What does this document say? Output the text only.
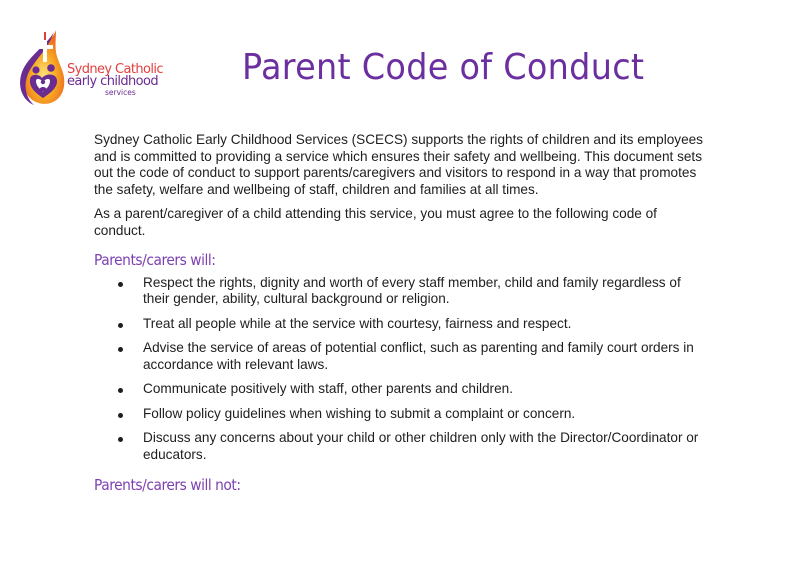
Sydney Catholic
early childhood
services
Parent Code of Conduct

Sydney Catholic Early Childhood Services (SCECS) supports the rights of children and its employees and is committed to providing a service which ensures their safety and wellbeing. This document sets out the code of conduct to support parents/caregivers and visitors to respond in a way that promotes the safety, welfare and wellbeing of staff, children and families at all times.

As a parent/caregiver of a child attending this service, you must agree to the following code of conduct.

Parents/carers will:
Respect the rights, dignity and worth of every staff member, child and family regardless of their gender, ability, cultural background or religion.
Treat all people while at the service with courtesy, fairness and respect.
Advise the service of areas of potential conflict, such as parenting and family court orders in accordance with relevant laws.
Communicate positively with staff, other parents and children.
Follow policy guidelines when wishing to submit a complaint or concern.
Discuss any concerns about your child or other children only with the Director/Coordinator or educators.
Parents/carers will not:
